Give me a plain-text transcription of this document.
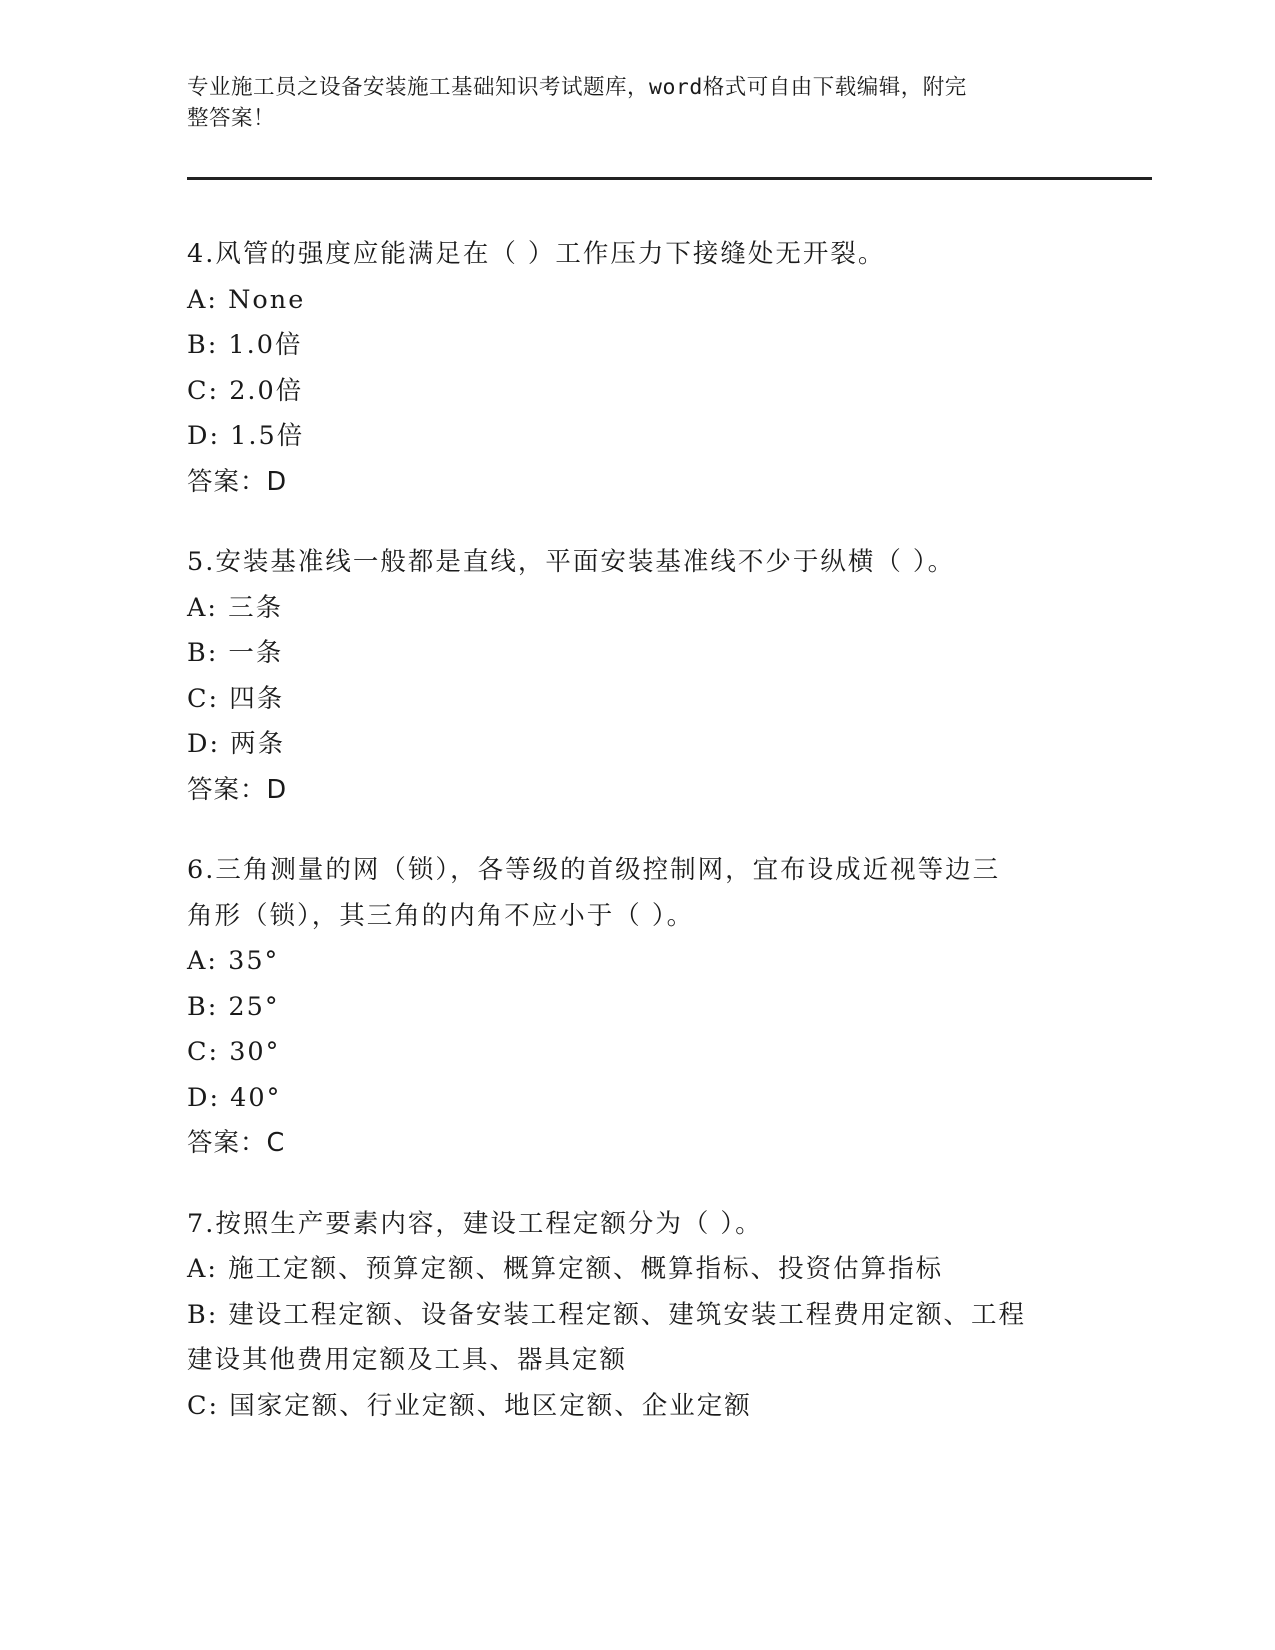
专业施工员之设备安装施工基础知识考试题库，word格式可自由下载编辑，附完
整答案！
4.风管的强度应能满足在（ ）工作压力下接缝处无开裂。
A: None
B: 1.0倍
C: 2.0倍
D: 1.5倍
答案：D
5.安装基准线一般都是直线，平面安装基准线不少于纵横（ ）。
A: 三条
B: 一条
C: 四条
D: 两条
答案：D
6.三角测量的网（锁），各等级的首级控制网，宜布设成近视等边三
角形（锁），其三角的内角不应小于（ ）。
A: 35°
B: 25°
C: 30°
D: 40°
答案：C
7.按照生产要素内容，建设工程定额分为（ ）。
A: 施工定额、预算定额、概算定额、概算指标、投资估算指标
B: 建设工程定额、设备安装工程定额、建筑安装工程费用定额、工程
建设其他费用定额及工具、器具定额
C: 国家定额、行业定额、地区定额、企业定额
